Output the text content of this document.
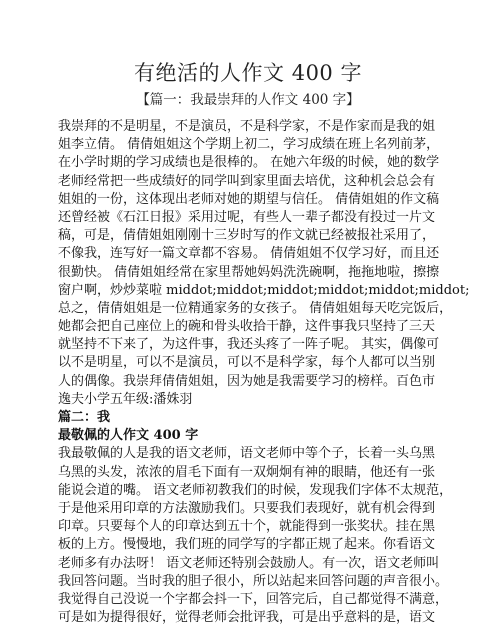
有绝活的人作文 400 字
【篇一：我最崇拜的人作文 400 字】
我崇拜的不是明星，不是演员，不是科学家，不是作家而是我的姐
姐李立倩。 倩倩姐姐这个学期上初二，学习成绩在班上名列前茅，
在小学时期的学习成绩也是很棒的。 在她六年级的时候，她的数学
老师经常把一些成绩好的同学叫到家里面去培优，这种机会总会有
姐姐的一份，这体现出老师对她的期望与信任。 倩倩姐姐的作文稿
还曾经被《石江日报》采用过呢，有些人一辈子都没有投过一片文
稿，可是，倩倩姐姐刚刚十三岁时写的作文就已经被报社采用了，
不像我，连写好一篇文章都不容易。 倩倩姐姐不仅学习好，而且还
很勤快。 倩倩姐姐经常在家里帮她妈妈洗洗碗啊，拖拖地啦，擦擦
窗户啊，炒炒菜啦 middot;middot;middot;middot;middot;middot;
总之，倩倩姐姐是一位精通家务的女孩子。 倩倩姐姐每天吃完饭后，
她都会把自己座位上的碗和骨头收拾干静，这件事我只坚持了三天
就坚持不下来了，为这件事，我还头疼了一阵子呢。 其实，偶像可
以不是明星，可以不是演员，可以不是科学家，每个人都可以当别
人的偶像。我崇拜倩倩姐姐，因为她是我需要学习的榜样。百色市
逸夫小学五年级:潘姝羽
篇二：我
最敬佩的人作文 400 字
我最敬佩的人是我的语文老师，语文老师中等个子，长着一头乌黑
乌黑的头发，浓浓的眉毛下面有一双炯炯有神的眼睛，他还有一张
能说会道的嘴。 语文老师初教我们的时候，发现我们字体不太规范，
于是他采用印章的方法激励我们。只要我们表现好，就有机会得到
印章。只要每个人的印章达到五十个，就能得到一张奖状。挂在黑
板的上方。慢慢地，我们班的同学写的字都正规了起来。你看语文
老师多有办法呀！ 语文老师还特别会鼓励人。有一次，语文老师叫
我回答问题。当时我的胆子很小，所以站起来回答问题的声音很小。
我觉得自己没说一个字都会抖一下，回答完后，自己都觉得不满意，
可是如为提得很好，觉得老师会批评我，可是出乎意料的是，语文
